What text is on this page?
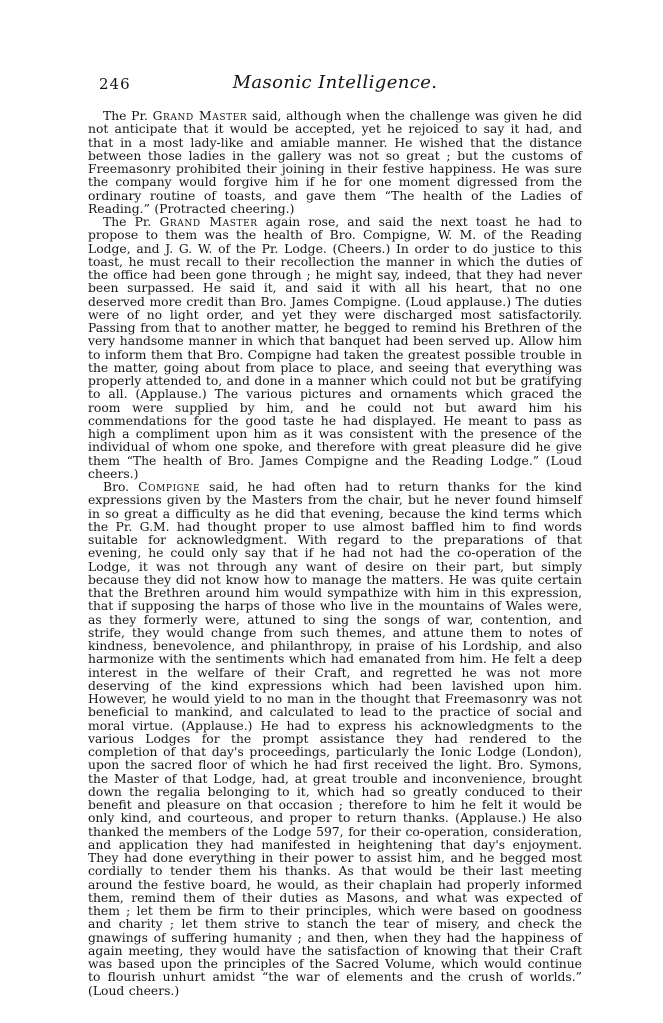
246	Masonic Intelligence.

The Pr. Grand Master said, although when the challenge was given he did not anticipate that it would be accepted, yet he rejoiced to say it had, and that in a most lady-like and amiable manner. He wished that the distance between those ladies in the gallery was not so great ; but the customs of Freemasonry prohibited their joining in their festive happiness. He was sure the company would forgive him if he for one moment digressed from the ordinary routine of toasts, and gave them “The health of the Ladies of Reading.” (Protracted cheering.)

The Pr. Grand Master again rose, and said the next toast he had to propose to them was the health of Bro. Compigne, W. M. of the Reading Lodge, and J. G. W. of the Pr. Lodge. (Cheers.) In order to do justice to this toast, he must recall to their recollection the manner in which the duties of the office had been gone through ; he might say, indeed, that they had never been surpassed. He said it, and said it with all his heart, that no one deserved more credit than Bro. James Compigne. (Loud applause.) The duties were of no light order, and yet they were discharged most satisfactorily. Passing from that to another matter, he begged to remind his Brethren of the very handsome manner in which that banquet had been served up. Allow him to inform them that Bro. Compigne had taken the greatest possible trouble in the matter, going about from place to place, and seeing that everything was properly attended to, and done in a manner which could not but be gratifying to all. (Applause.) The various pictures and ornaments which graced the room were supplied by him, and he could not but award him his commendations for the good taste he had displayed. He meant to pass as high a compliment upon him as it was consistent with the presence of the individual of whom one spoke, and therefore with great pleasure did he give them “The health of Bro. James Compigne and the Reading Lodge.” (Loud cheers.)

Bro. Compigne said, he had often had to return thanks for the kind expressions given by the Masters from the chair, but he never found himself in so great a difficulty as he did that evening, because the kind terms which the Pr. G.M. had thought proper to use almost baffled him to find words suitable for acknowledgment. With regard to the preparations of that evening, he could only say that if he had not had the co-operation of the Lodge, it was not through any want of desire on their part, but simply because they did not know how to manage the matters. He was quite certain that the Brethren around him would sympathize with him in this expression, that if supposing the harps of those who live in the mountains of Wales were, as they formerly were, attuned to sing the songs of war, contention, and strife, they would change from such themes, and attune them to notes of kindness, benevolence, and philanthropy, in praise of his Lordship, and also harmonize with the sentiments which had emanated from him. He felt a deep interest in the welfare of their Craft, and regretted he was not more deserving of the kind expressions which had been lavished upon him. However, he would yield to no man in the thought that Freemasonry was not beneficial to mankind, and calculated to lead to the practice of social and moral virtue. (Applause.) He had to express his acknowledgments to the various Lodges for the prompt assistance they had rendered to the completion of that day's proceedings, particularly the Ionic Lodge (London), upon the sacred floor of which he had first received the light. Bro. Symons, the Master of that Lodge, had, at great trouble and inconvenience, brought down the regalia belonging to it, which had so greatly conduced to their benefit and pleasure on that occasion ; therefore to him he felt it would be only kind, and courteous, and proper to return thanks. (Applause.) He also thanked the members of the Lodge 597, for their co-operation, consideration, and application they had manifested in heightening that day's enjoyment. They had done everything in their power to assist him, and he begged most cordially to tender them his thanks. As that would be their last meeting around the festive board, he would, as their chaplain had properly informed them, remind them of their duties as Masons, and what was expected of them ; let them be firm to their principles, which were based on goodness and charity ; let them strive to stanch the tear of misery, and check the gnawings of suffering humanity ; and then, when they had the happiness of again meeting, they would have the satisfaction of knowing that their Craft was based upon the principles of the Sacred Volume, which would continue to flourish unhurt amidst “the war of elements and the crush of worlds.” (Loud cheers.)
